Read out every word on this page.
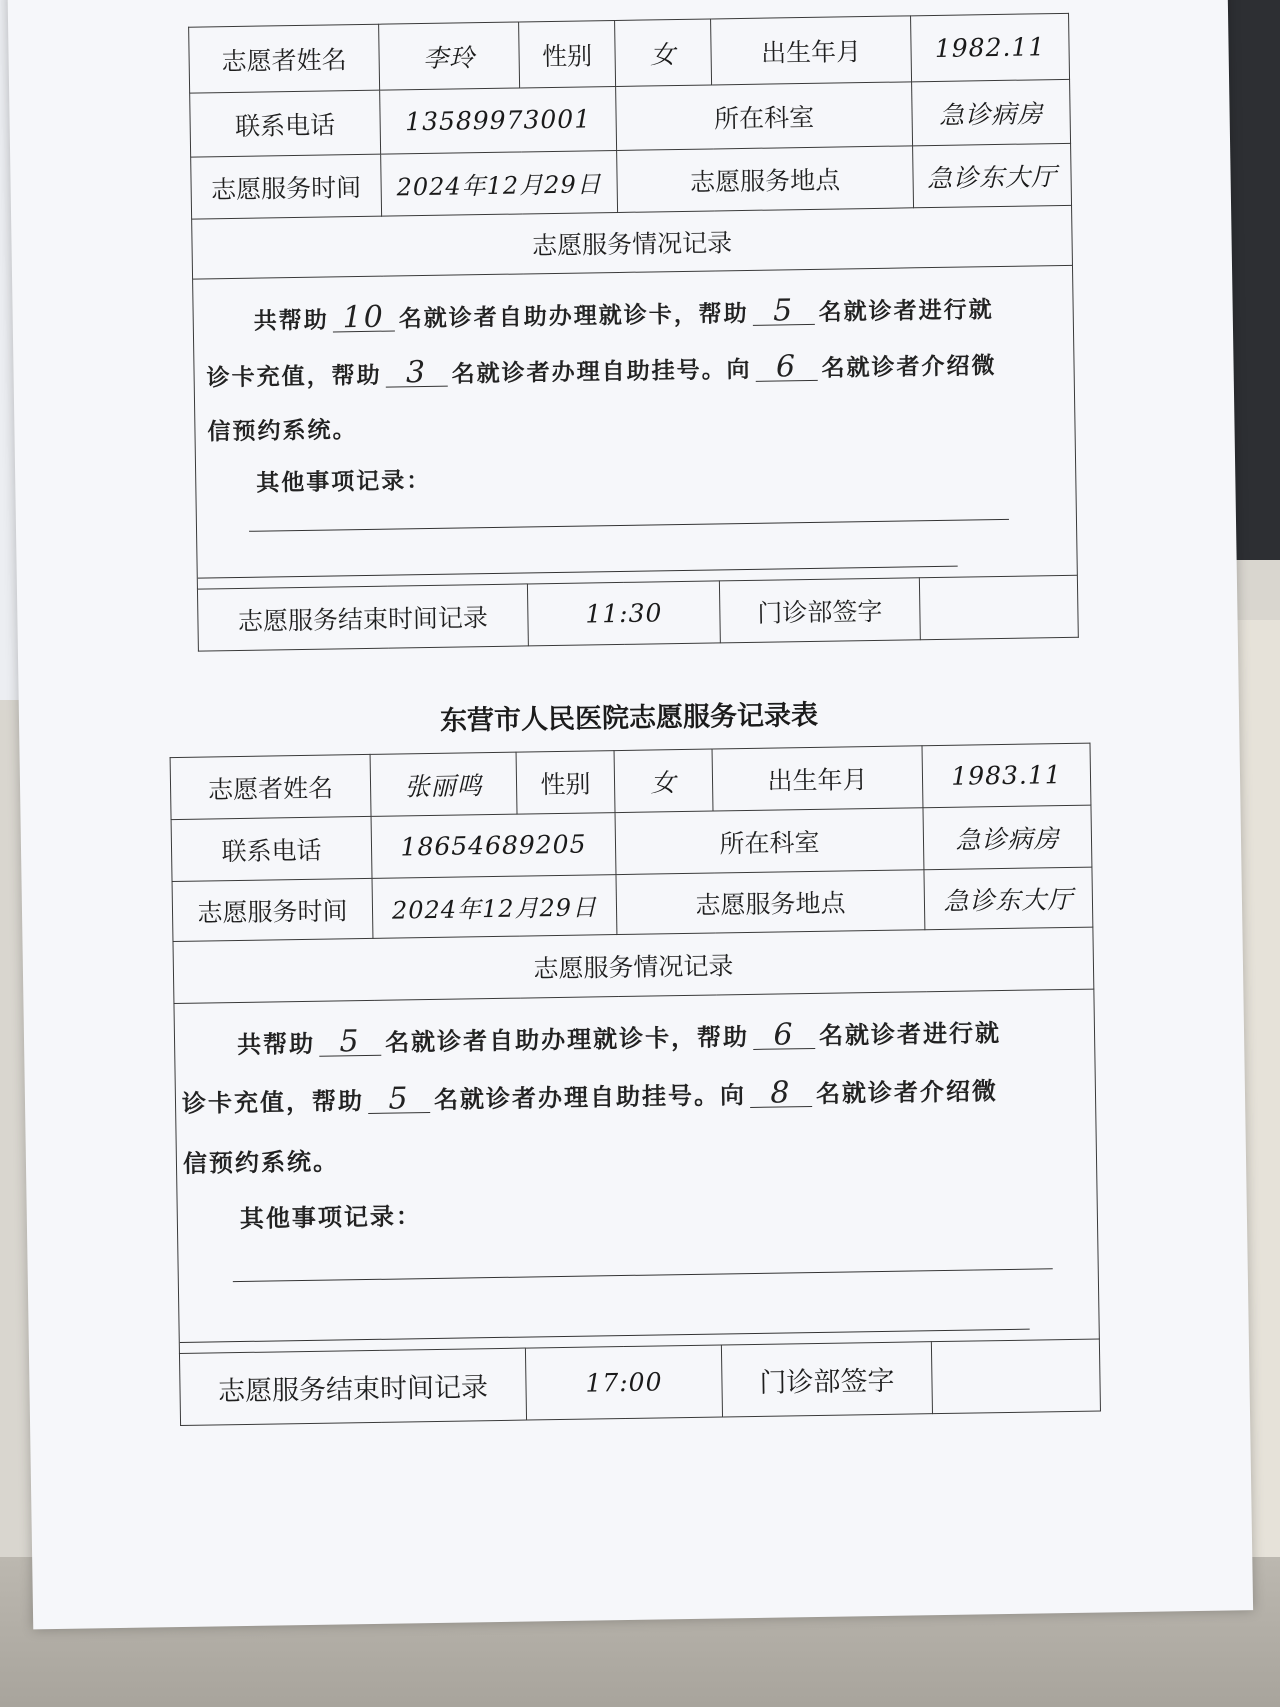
志愿者姓名	李玲	性别	女	出生年月	1982.11
联系电话	13589973001		所在科室		急诊病房
志愿服务时间	2024年12月29日		志愿服务地点		急诊东大厅
志愿服务情况记录					

共帮助 10 名就诊者自助办理就诊卡，帮助 5 名就诊者进行就
诊卡充值，帮助 3 名就诊者办理自助挂号。向 6 名就诊者介绍微
信预约系统。
其他事项记录：					

志愿服务结束时间记录		11:30		门诊部签字	
东营市人民医院志愿服务记录表
志愿者姓名	张丽鸣	性别	女	出生年月	1983.11
联系电话	18654689205		所在科室		急诊病房
志愿服务时间	2024年12月29日		志愿服务地点		急诊东大厅
志愿服务情况记录					

共帮助 5 名就诊者自助办理就诊卡，帮助 6 名就诊者进行就
诊卡充值，帮助 5 名就诊者办理自助挂号。向 8 名就诊者介绍微
信预约系统。
其他事项记录：					

志愿服务结束时间记录		17:00		门诊部签字	
